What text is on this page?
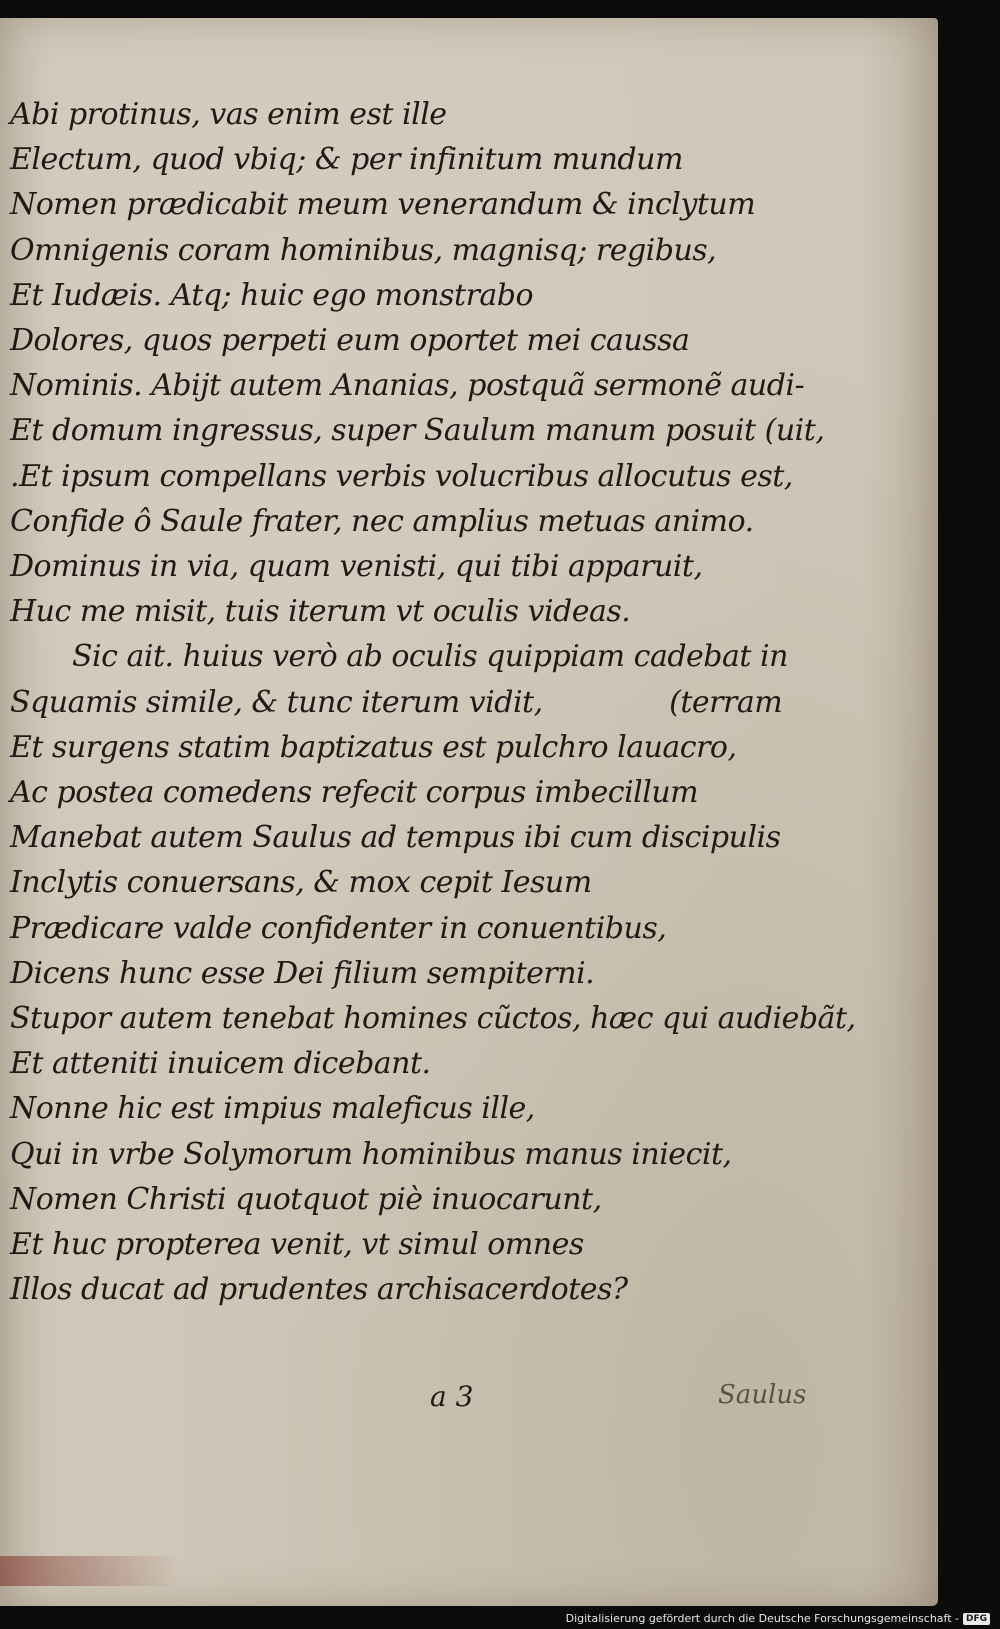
Abi protinus, vas enim est ille
Electum, quod vbiq; & per infinitum mundum
Nomen prædicabit meum venerandum & inclytum
Omnigenis coram hominibus, magnisq; regibus,
Et Iudæis. Atq; huic ego monstrabo
Dolores, quos perpeti eum oportet mei caussa
Nominis. Abijt autem Ananias, postquã sermonẽ audi-
Et domum ingressus, super Saulum manum posuit (uit,
.Et ipsum compellans verbis volucribus allocutus est,
Confide ô Saule frater, nec amplius metuas animo.
Dominus in via, quam venisti, qui tibi apparuit,
Huc me misit, tuis iterum vt oculis videas.
Sic ait. huius verò ab oculis quippiam cadebat in
Squamis simile, & tunc iterum vidit,              (terram
Et surgens statim baptizatus est pulchro lauacro,
Ac postea comedens refecit corpus imbecillum
Manebat autem Saulus ad tempus ibi cum discipulis
Inclytis conuersans, & mox cepit Iesum
Prædicare valde confidenter in conuentibus,
Dicens hunc esse Dei filium sempiterni.
Stupor autem tenebat homines cũctos, hæc qui audiebãt,
Et atteniti inuicem dicebant.
Nonne hic est impius maleficus ille,
Qui in vrbe Solymorum hominibus manus iniecit,
Nomen Christi quotquot piè inuocarunt,
Et huc propterea venit, vt simul omnes
Illos ducat ad prudentes archisacerdotes?
a 3	Saulus
Digitalisierung gefördert durch die Deutsche Forschungsgemeinschaft - DFG
